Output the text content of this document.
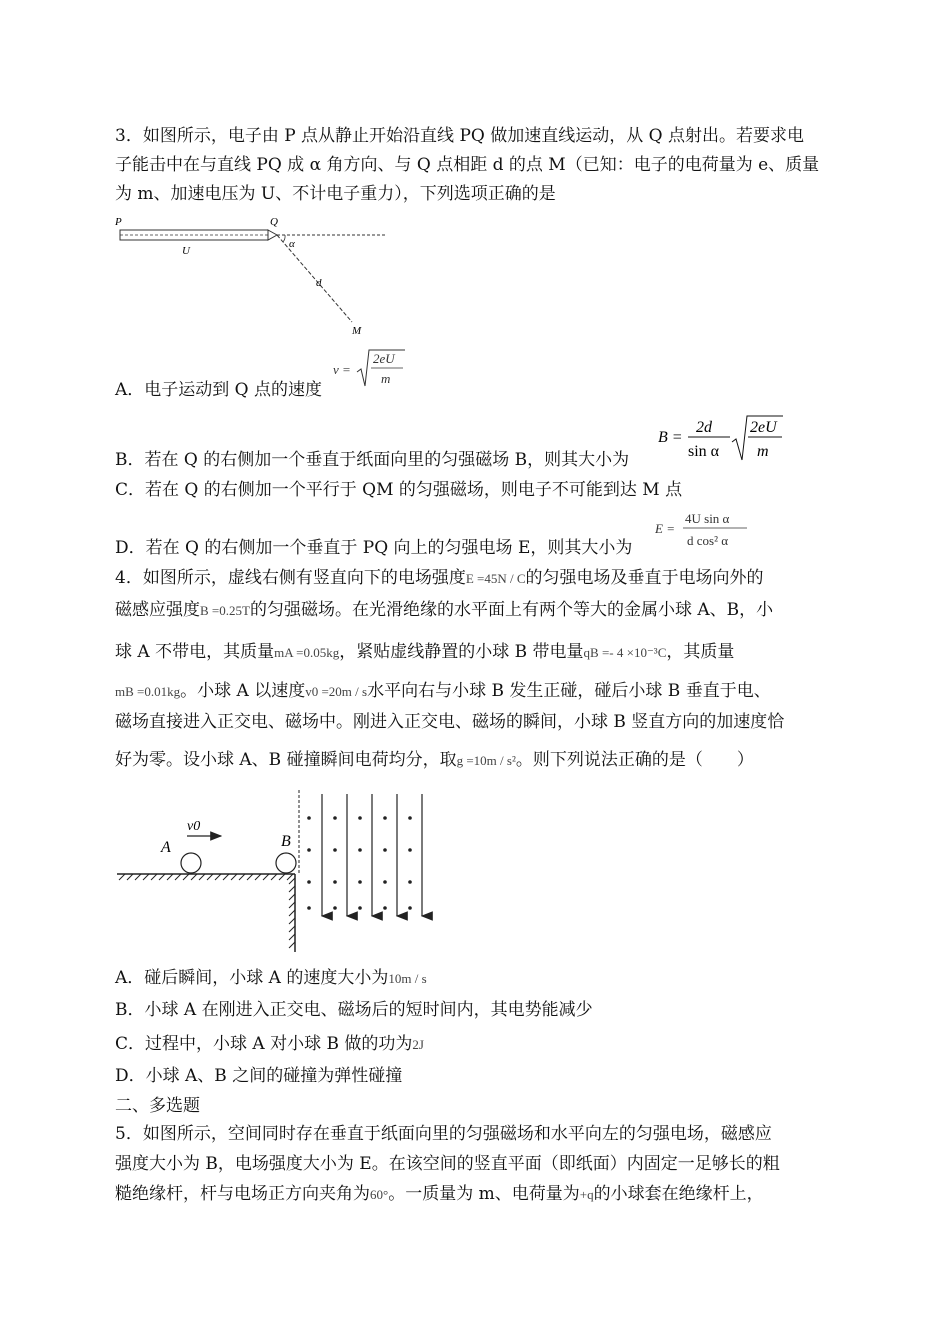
3．如图所示，电子由 P 点从静止开始沿直线 PQ 做加速直线运动，从 Q 点射出。若要求电
子能击中在与直线 PQ 成 α 角方向、与 Q 点相距 d 的点 M（已知：电子的电荷量为 e、质量
为 m、加速电压为 U、不计电子重力），下列选项正确的是
P	Q
U
α
d
M
A．电子运动到 Q 点的速度
v =
2eU
m
B．若在 Q 的右侧加一个垂直于纸面向里的匀强磁场 B，则其大小为
B =
2d
sin α
2eU
m
C．若在 Q 的右侧加一个平行于 QM 的匀强磁场，则电子不可能到达 M 点
D．若在 Q 的右侧加一个垂直于 PQ 向上的匀强电场 E，则其大小为
E =
4U sin α
d cos² α
4．如图所示，虚线右侧有竖直向下的电场强度E =45N / C的匀强电场及垂直于电场向外的
磁感应强度B =0.25T的匀强磁场。在光滑绝缘的水平面上有两个等大的金属小球 A、B，小
球 A 不带电，其质量mA =0.05kg，紧贴虚线静置的小球 B 带电量qB =- 4 ×10⁻³C，其质量
mB =0.01kg。小球 A 以速度v0 =20m / s水平向右与小球 B 发生正碰，碰后小球 B 垂直于电、
磁场直接进入正交电、磁场中。刚进入正交电、磁场的瞬间，小球 B 竖直方向的加速度恰
好为零。设小球 A、B 碰撞瞬间电荷均分，取g =10m / s²。则下列说法正确的是（　　）
A	B
v0
A．碰后瞬间，小球 A 的速度大小为10m / s
B．小球 A 在刚进入正交电、磁场后的短时间内，其电势能减少
C．过程中，小球 A 对小球 B 做的功为2J
D．小球 A、B 之间的碰撞为弹性碰撞
二、多选题
5．如图所示，空间同时存在垂直于纸面向里的匀强磁场和水平向左的匀强电场，磁感应
强度大小为 B，电场强度大小为 E。在该空间的竖直平面（即纸面）内固定一足够长的粗
糙绝缘杆，杆与电场正方向夹角为60°。一质量为 m、电荷量为+q的小球套在绝缘杆上，
